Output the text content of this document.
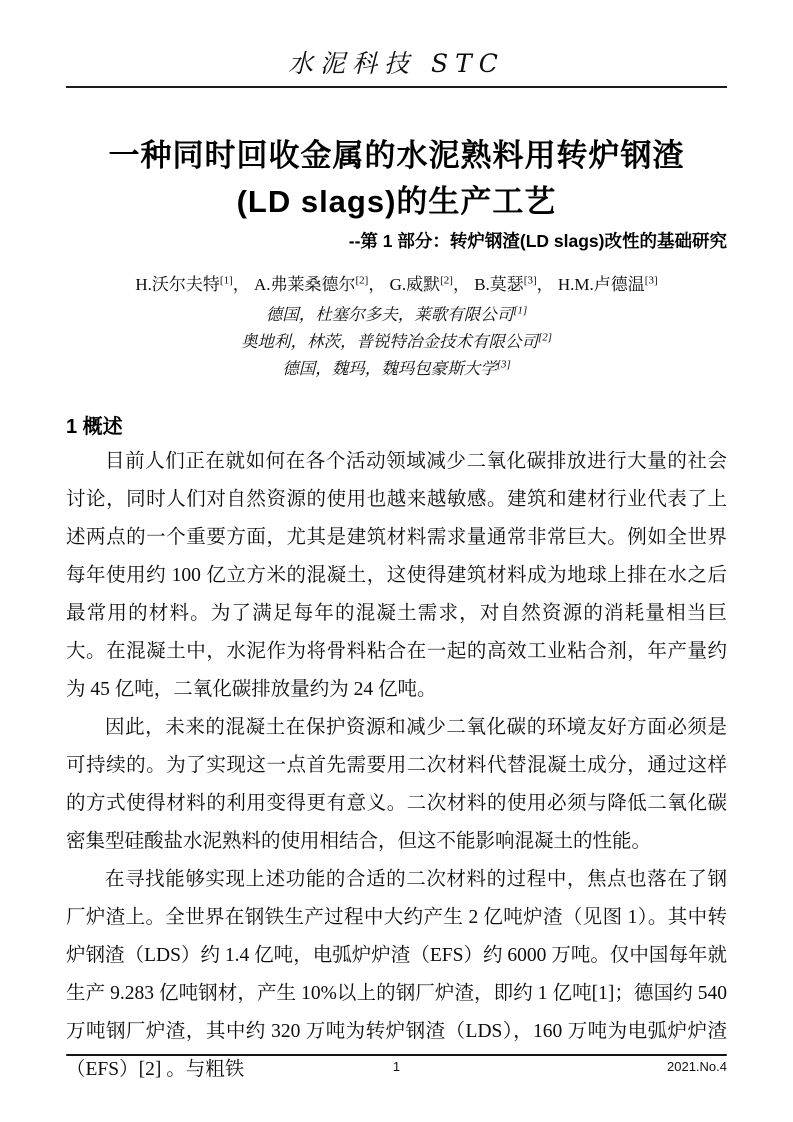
水泥科技 STC
一种同时回收金属的水泥熟料用转炉钢渣
(LD slags)的生产工艺
--第 1 部分：转炉钢渣(LD slags)改性的基础研究
H.沃尔夫特[1]， A.弗莱桑德尔[2]， G.威默[2]， B.莫瑟[3]， H.M.卢德温[3]
德国，杜塞尔多夫，莱歌有限公司[1]
奥地利，林茨，普锐特冶金技术有限公司[2]
德国，魏玛，魏玛包豪斯大学[3]
1 概述

目前人们正在就如何在各个活动领域减少二氧化碳排放进行大量的社会讨论，同时人们对自然资源的使用也越来越敏感。建筑和建材行业代表了上述两点的一个重要方面，尤其是建筑材料需求量通常非常巨大。例如全世界每年使用约 100 亿立方米的混凝土，这使得建筑材料成为地球上排在水之后最常用的材料。为了满足每年的混凝土需求，对自然资源的消耗量相当巨大。在混凝土中，水泥作为将骨料粘合在一起的高效工业粘合剂，年产量约为 45 亿吨，二氧化碳排放量约为 24 亿吨。

因此，未来的混凝土在保护资源和减少二氧化碳的环境友好方面必须是可持续的。为了实现这一点首先需要用二次材料代替混凝土成分，通过这样的方式使得材料的利用变得更有意义。二次材料的使用必须与降低二氧化碳密集型硅酸盐水泥熟料的使用相结合，但这不能影响混凝土的性能。

在寻找能够实现上述功能的合适的二次材料的过程中，焦点也落在了钢厂炉渣上。全世界在钢铁生产过程中大约产生 2 亿吨炉渣（见图 1）。其中转炉钢渣（LDS）约 1.4 亿吨，电弧炉炉渣（EFS）约 6000 万吨。仅中国每年就生产 9.283 亿吨钢材，产生 10%以上的钢厂炉渣，即约 1 亿吨[1]；德国约 540 万吨钢厂炉渣，其中约 320 万吨为转炉钢渣（LDS），160 万吨为电弧炉炉渣（EFS）[2] 。与粗铁	1	2021.No.4
